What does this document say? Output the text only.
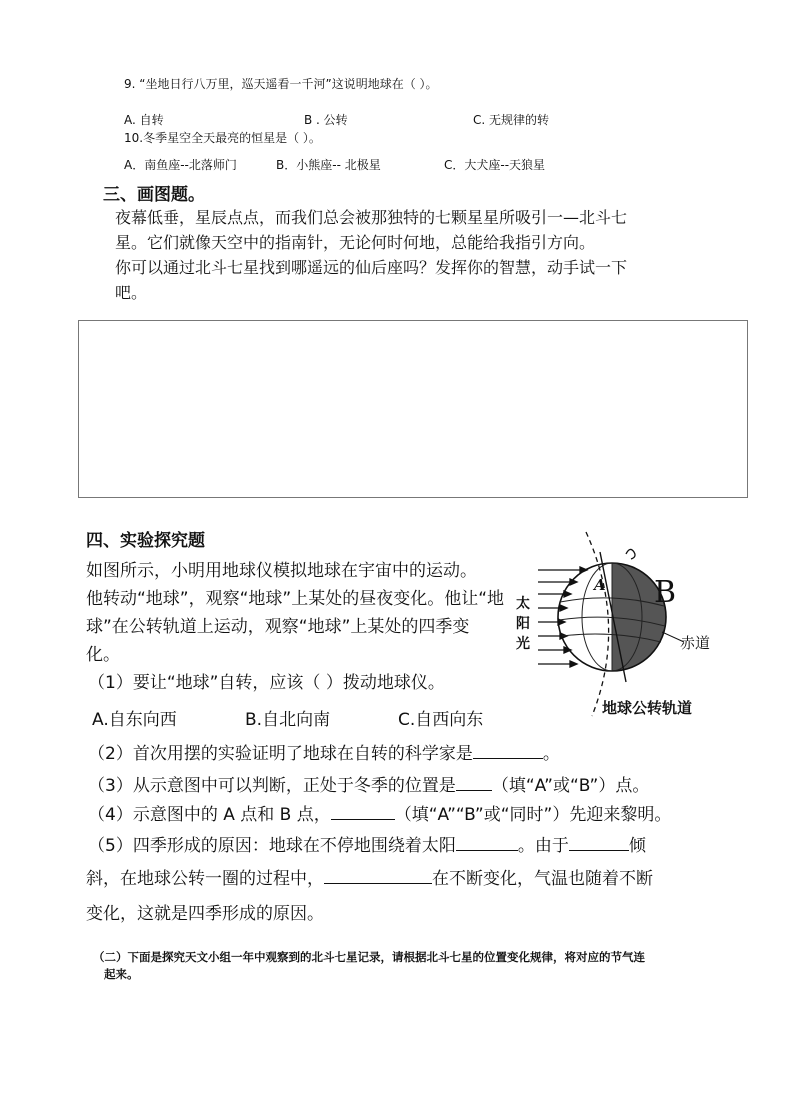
9. “坐地日行八万里，巡天遥看一千河”这说明地球在（ ）。
A. 自转	B . 公转	C. 无规律的转
10.冬季星空全天最亮的恒星是（ ）。
A．南鱼座--北落师门	B．小熊座-- 北极星	C．大犬座--天狼星
三、画图题。
夜幕低垂，星辰点点，而我们总会被那独特的七颗星星所吸引一—北斗七
星。它们就像天空中的指南针，无论何时何地，总能给我指引方向。
你可以通过北斗七星找到哪遥远的仙后座吗？发挥你的智慧，动手试一下
吧。
四、实验探究题
如图所示，小明用地球仪模拟地球在宇宙中的运动。
他转动“地球”，观察“地球”上某处的昼夜变化。他让“地
球”在公转轨道上运动，观察“地球”上某处的四季变
化。
（1）要让“地球”自转，应该（ ）拨动地球仪。
A.自东向西	B.自北向南	C.自西向东
（2）首次用摆的实验证明了地球在自转的科学家是	。
（3）从示意图中可以判断，正处于冬季的位置是 （填“A”或“B”）点。
（4）示意图中的 A 点和 B 点，	（填“A”“B”或“同时”）先迎来黎明。
（5）四季形成的原因：地球在不停地围绕着太阳	。由于	倾
斜，在地球公转一圈的过程中，	在不断变化，气温也随着不断
变化，这就是四季形成的原因。
A B
太
阳
光	赤道
地球公转轨道
（二）下面是探究天文小组一年中观察到的北斗七星记录，请根据北斗七星的位置变化规律，将对应的节气连
起来。
